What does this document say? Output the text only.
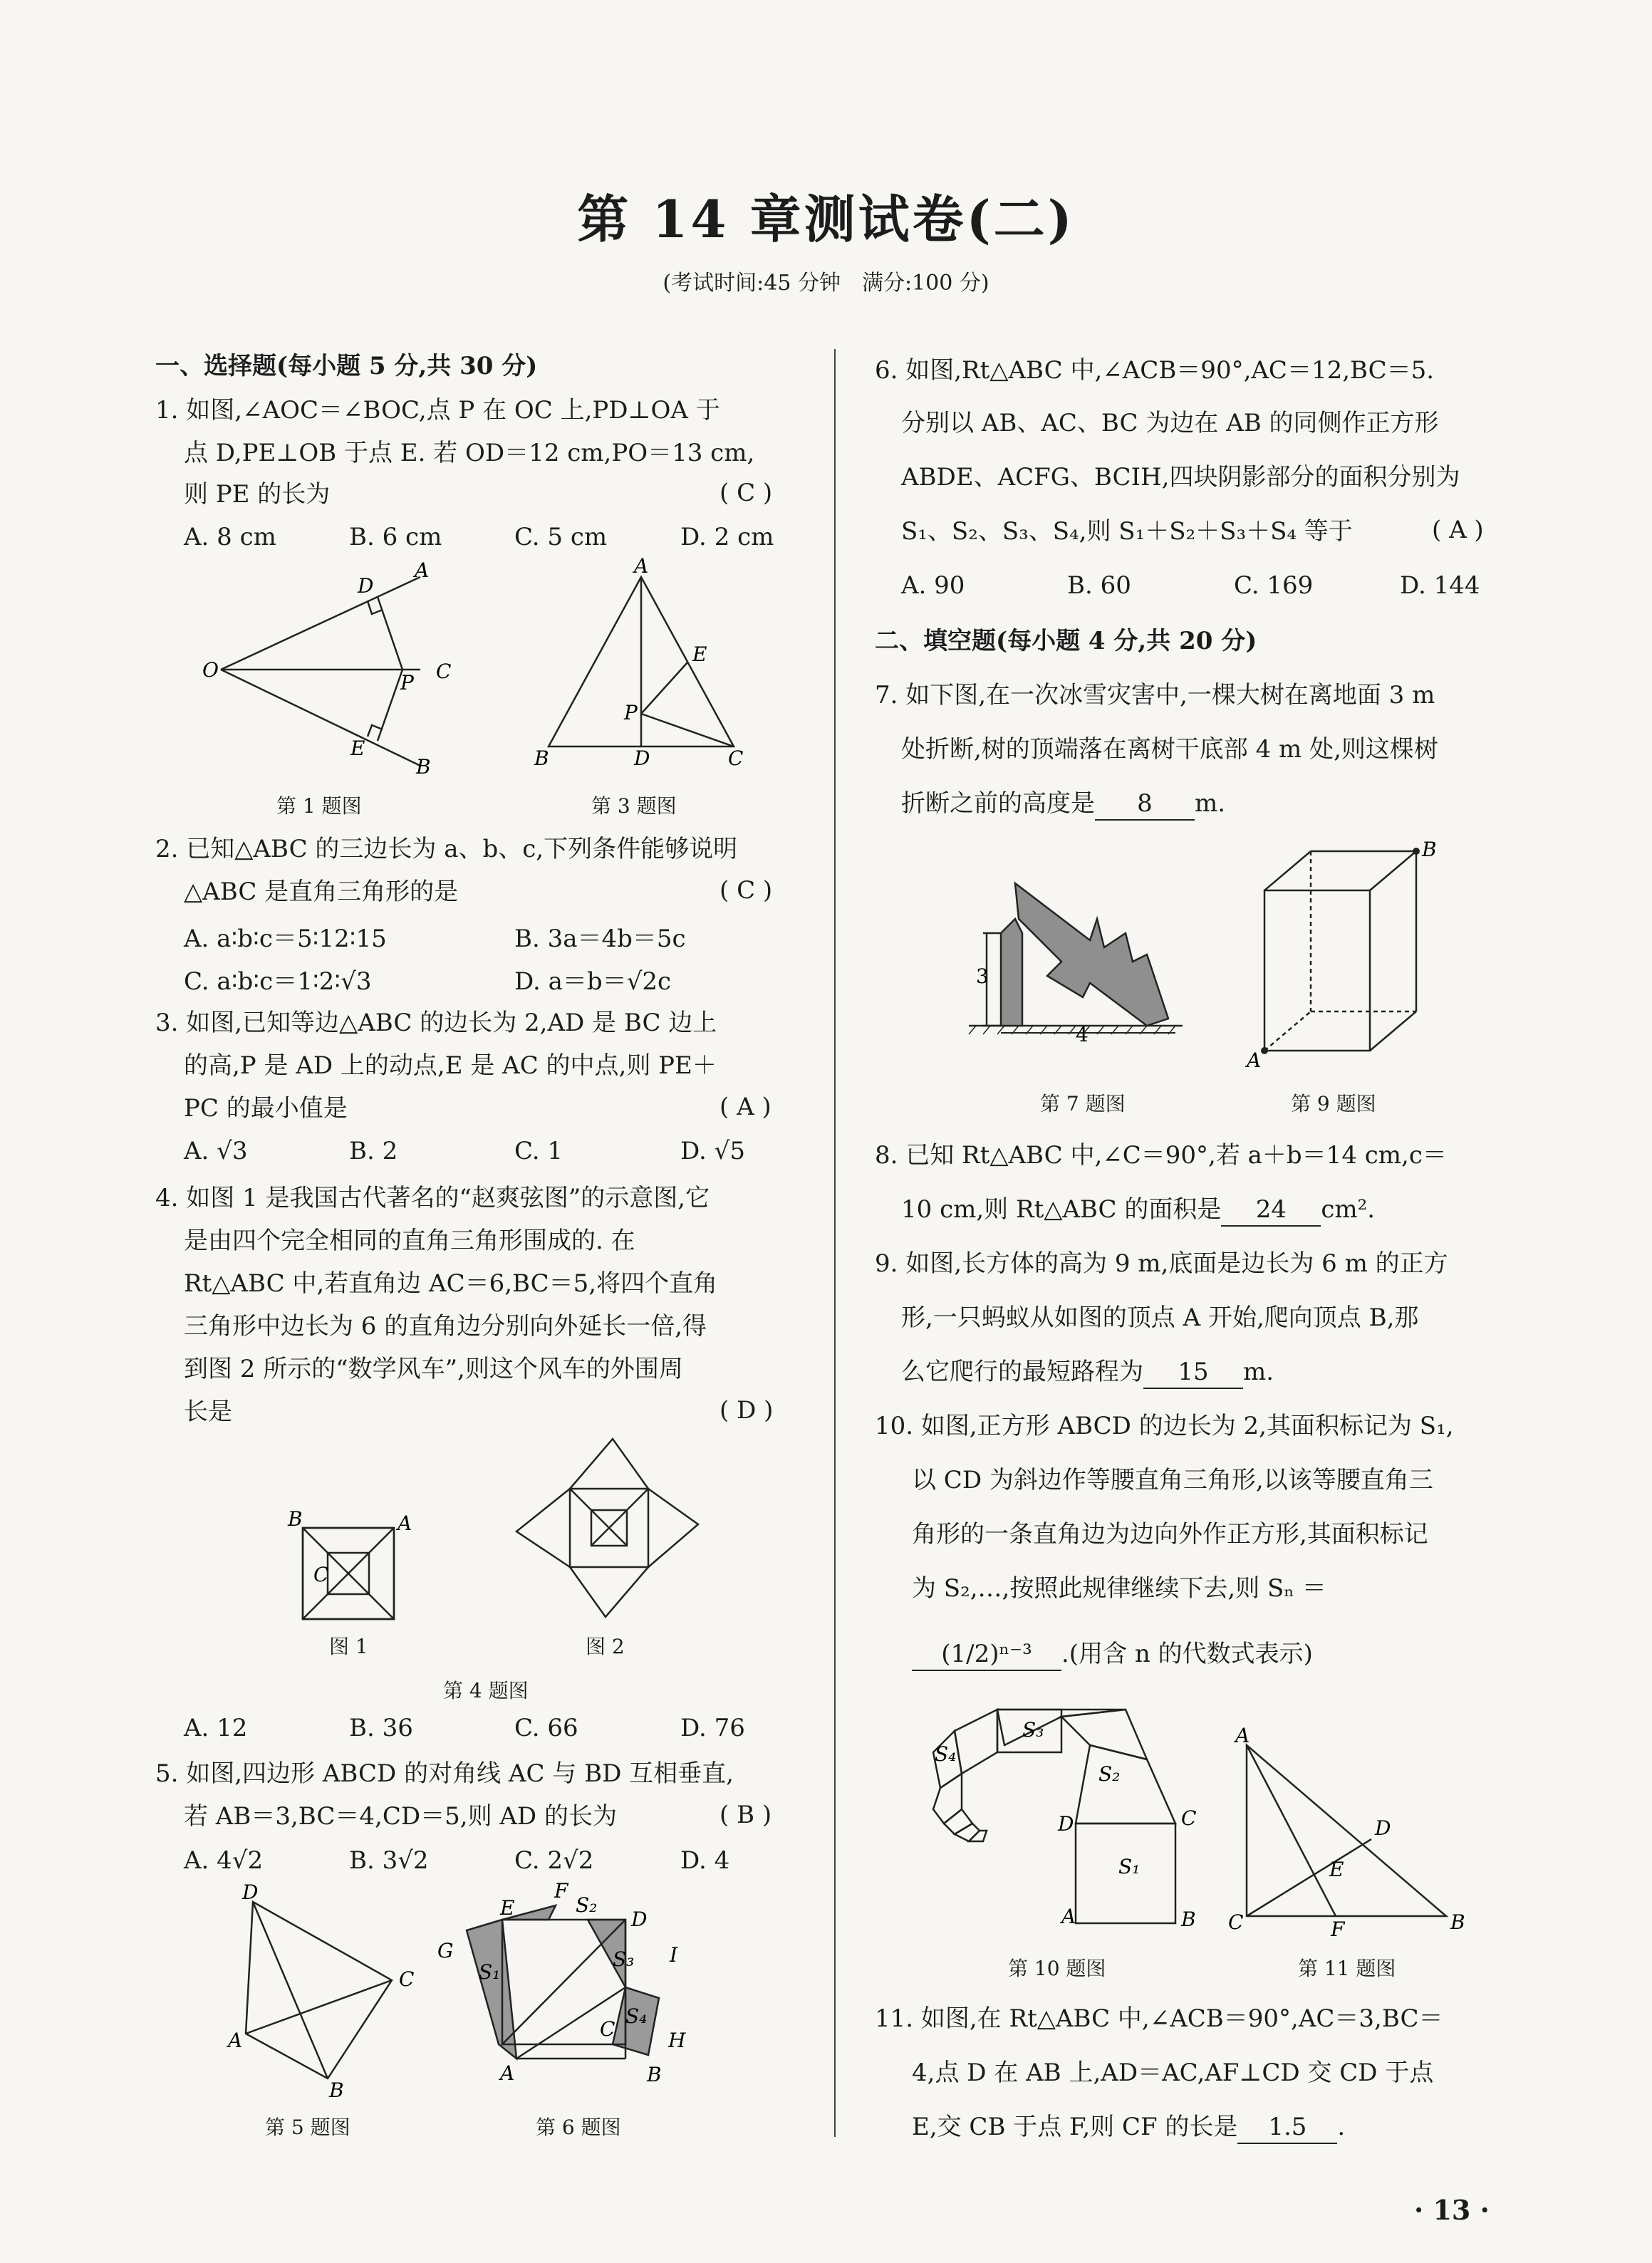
第 14 章测试卷(二)
(考试时间:45 分钟　满分:100 分)
一、选择题(每小题 5 分,共 30 分)
1. 如图,∠AOC＝∠BOC,点 P 在 OC 上,PD⊥OA 于
点 D,PE⊥OB 于点 E. 若 OD＝12 cm,PO＝13 cm,
则 PE 的长为	( C )
A. 8 cm	B. 6 cm	C. 5 cm	D. 2 cm
D
A
O
P C
E
B
第 1 题图
A
E
P
B	D	C
第 3 题图
2. 已知△ABC 的三边长为 a、b、c,下列条件能够说明
△ABC 是直角三角形的是	( C )
A. a∶b∶c＝5∶12∶15	B. 3a＝4b＝5c
C. a∶b∶c＝1∶2∶√3	D. a＝b＝√2c
3. 如图,已知等边△ABC 的边长为 2,AD 是 BC 边上
的高,P 是 AD 上的动点,E 是 AC 的中点,则 PE＋
PC 的最小值是	( A )
A. √3	B. 2	C. 1	D. √5
4. 如图 1 是我国古代著名的“赵爽弦图”的示意图,它
是由四个完全相同的直角三角形围成的. 在
Rt△ABC 中,若直角边 AC＝6,BC＝5,将四个直角
三角形中边长为 6 的直角边分别向外延长一倍,得
到图 2 所示的“数学风车”,则这个风车的外围周
长是	( D )
B	A
C
图 1	图 2
第 4 题图
A. 12	B. 36	C. 66	D. 76
5. 如图,四边形 ABCD 的对角线 AC 与 BD 互相垂直,
若 AB＝3,BC＝4,CD＝5,则 AD 的长为	( B )
A. 4√2	B. 3√2	C. 2√2	D. 4
D
C
A
B
第 5 题图
F
S₂
E	D
G
S₁
S₃ I
C
S₄
H
A	B
第 6 题图
6. 如图,Rt△ABC 中,∠ACB＝90°,AC＝12,BC＝5.
分别以 AB、AC、BC 为边在 AB 的同侧作正方形
ABDE、ACFG、BCIH,四块阴影部分的面积分别为
S₁、S₂、S₃、S₄,则 S₁＋S₂＋S₃＋S₄ 等于	( A )
A. 90	B. 60	C. 169	D. 144
二、填空题(每小题 4 分,共 20 分)
7. 如下图,在一次冰雪灾害中,一棵大树在离地面 3 m
处折断,树的顶端落在离树干底部 4 m 处,则这棵树
折断之前的高度是 8 m.
3
4
第 7 题图
B
A
第 9 题图
8. 已知 Rt△ABC 中,∠C＝90°,若 a＋b＝14 cm,c＝
10 cm,则 Rt△ABC 的面积是 24 cm².
9. 如图,长方体的高为 9 m,底面是边长为 6 m 的正方
形,一只蚂蚁从如图的顶点 A 开始,爬向顶点 B,那
么它爬行的最短路程为 15 m.
10. 如图,正方形 ABCD 的边长为 2,其面积标记为 S₁,
以 CD 为斜边作等腰直角三角形,以该等腰直角三
角形的一条直角边为边向外作正方形,其面积标记
为 S₂,…,按照此规律继续下去,则 Sₙ ＝
(1/2)ⁿ⁻³ .(用含 n 的代数式表示)
S₃
S₄
S₂
D	C
S₁
A	B
第 10 题图
A
D
E
C	F	B
第 11 题图
11. 如图,在 Rt△ABC 中,∠ACB＝90°,AC＝3,BC＝
4,点 D 在 AB 上,AD＝AC,AF⊥CD 交 CD 于点
E,交 CB 于点 F,则 CF 的长是 1.5 .
· 13 ·
